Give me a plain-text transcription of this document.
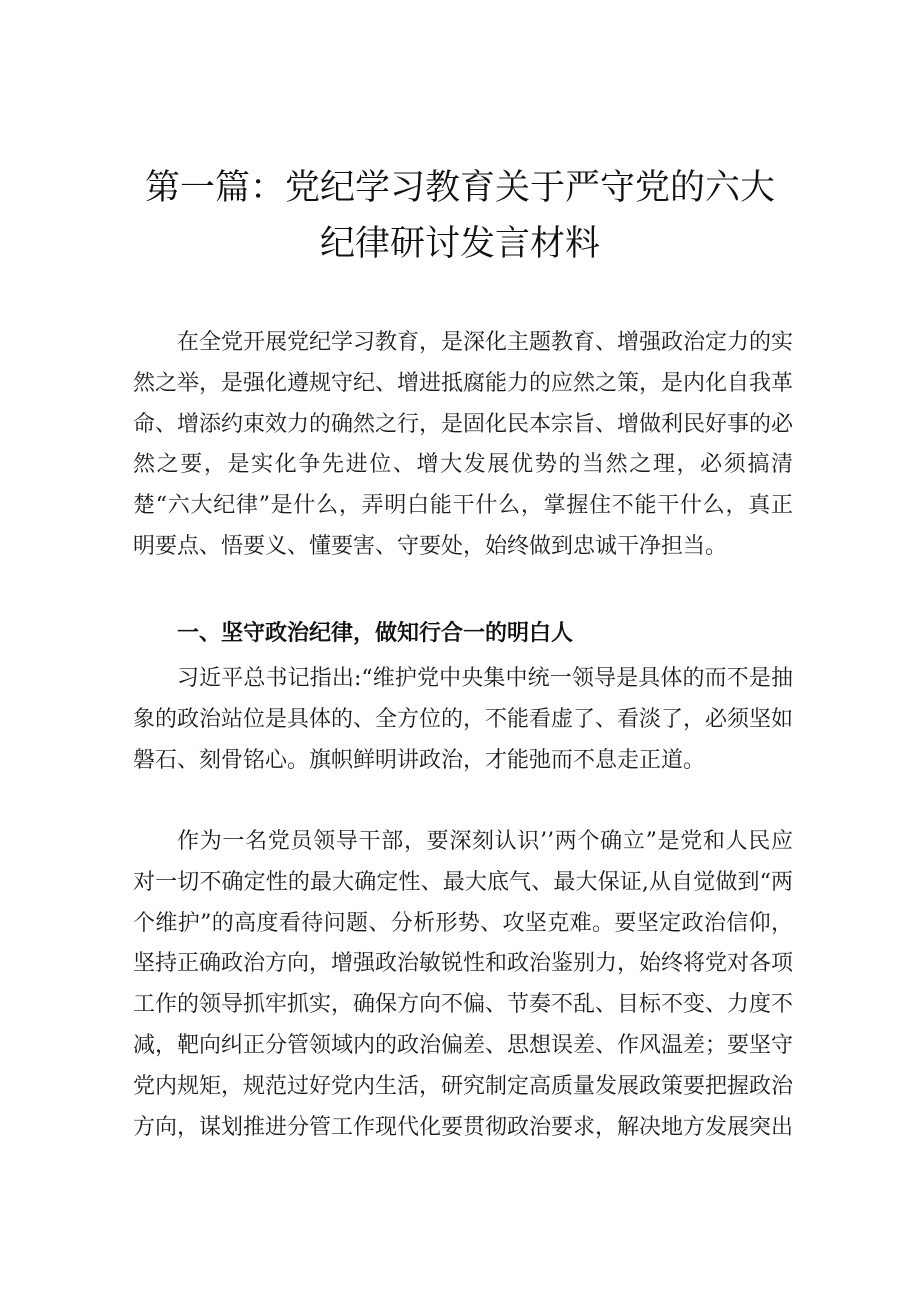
第一篇：党纪学习教育关于严守党的六大
纪律研讨发言材料

在全党开展党纪学习教育，是深化主题教育、增强政治定力的实然之举，是强化遵规守纪、增进抵腐能力的应然之策，是内化自我革命、增添约束效力的确然之行，是固化民本宗旨、增做利民好事的必然之要，是实化争先进位、增大发展优势的当然之理，必须搞清楚“六大纪律”是什么，弄明白能干什么，掌握住不能干什么，真正明要点、悟要义、懂要害、守要处，始终做到忠诚干净担当。

一、坚守政治纪律，做知行合一的明白人

习近平总书记指出:“维护党中央集中统一领导是具体的而不是抽象的政治站位是具体的、全方位的，不能看虚了、看淡了，必须坚如磐石、刻骨铭心。旗帜鲜明讲政治，才能弛而不息走正道。

作为一名党员领导干部，要深刻认识’’两个确立”是党和人民应对一切不确定性的最大确定性、最大底气、最大保证,从自觉做到“两个维护”的高度看待问题、分析形势、攻坚克难。要坚定政治信仰，坚持正确政治方向，增强政治敏锐性和政治鉴别力，始终将党对各项工作的领导抓牢抓实，确保方向不偏、节奏不乱、目标不变、力度不减，靶向纠正分管领域内的政治偏差、思想误差、作风温差；要坚守党内规矩，规范过好党内生活，研究制定高质量发展政策要把握政治方向，谋划推进分管工作现代化要贯彻政治要求，解决地方发展突出
